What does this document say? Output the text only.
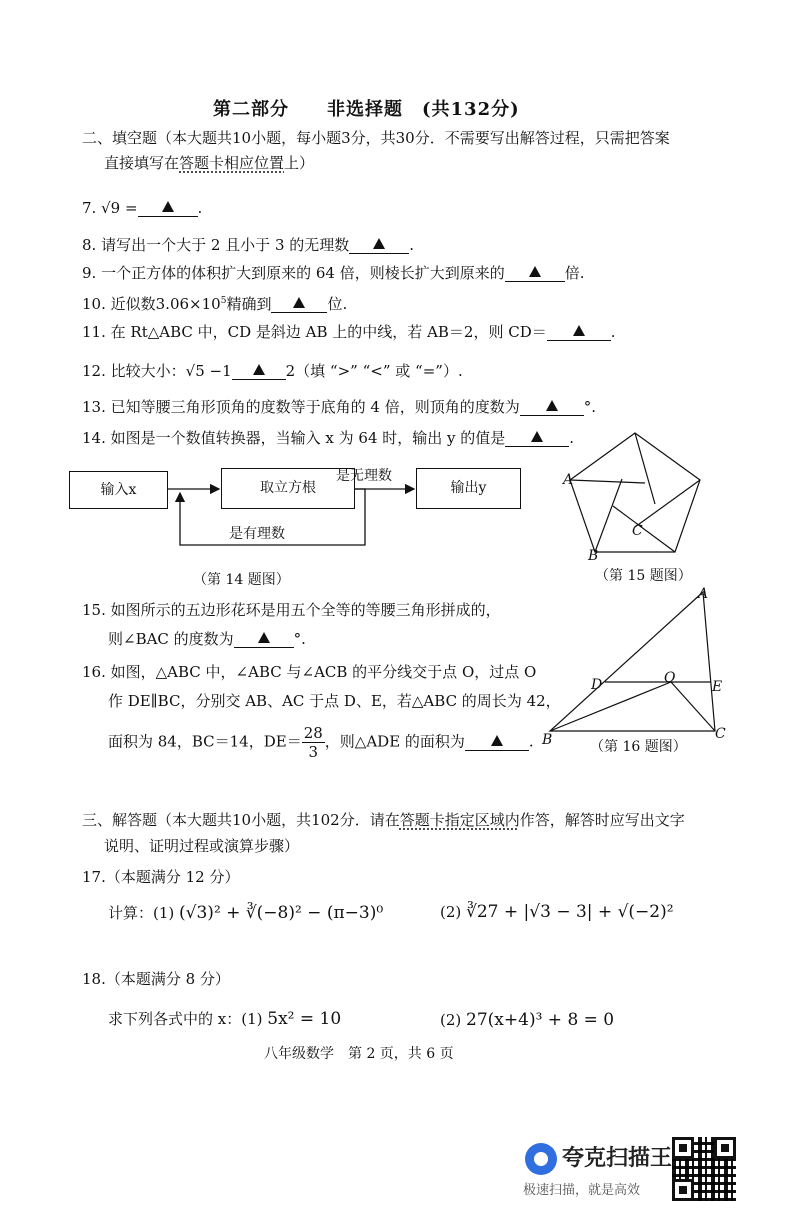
第二部分　　非选择题　(共132分)
二、填空题（本大题共10小题，每小题3分，共30分．不需要写出解答过程，只需把答案
直接填写在答题卡相应位置上）
7. √9 =	.
8. 请写出一个大于 2 且小于 3 的无理数	.
9. 一个正方体的体积扩大到原来的 64 倍，则棱长扩大到原来的	倍.
10. 近似数$3.06\times 10^5$精确到	位.
11. 在 Rt△ABC 中，CD 是斜边 AB 上的中线，若 AB＝2，则 CD＝	.
12. 比较大小：√5 −1	2（填 “>” “<” 或 “=”）.
13. 已知等腰三角形顶角的度数等于底角的 4 倍，则顶角的度数为	°.
14. 如图是一个数值转换器，当输入 x 为 64 时，输出 y 的值是	.
输入x	取立方根	输出y
是无理数
是有理数
（第 14 题图）
A
B
C
（第 15 题图）
15. 如图所示的五边形花环是用五个全等的等腰三角形拼成的，
则∠BAC 的度数为	°.
A
D	O
E
B	C
（第 16 题图）
16. 如图，△ABC 中，∠ABC 与∠ACB 的平分线交于点 O，过点 O
作 DE∥BC，分别交 AB、AC 于点 D、E，若△ABC 的周长为 42，
面积为 84，BC＝14，$DE= \frac{28}{3}$ ，则△ADE 的面积为	.
三、解答题（本大题共10小题，共102分．请在答题卡指定区域内作答，解答时应写出文字
说明、证明过程或演算步骤）
17.（本题满分 12 分）
计算：(1) (√3)² + ∛(−8)² − (π−3)⁰	(2) ∛27 + |√3 − 3| + √(−2)²
18.（本题满分 8 分）
求下列各式中的 x：(1) 5x² = 10	(2) 27(x+4)³ + 8 = 0
八年级数学　第 2 页，共 6 页
夸克扫描王
极速扫描，就是高效
